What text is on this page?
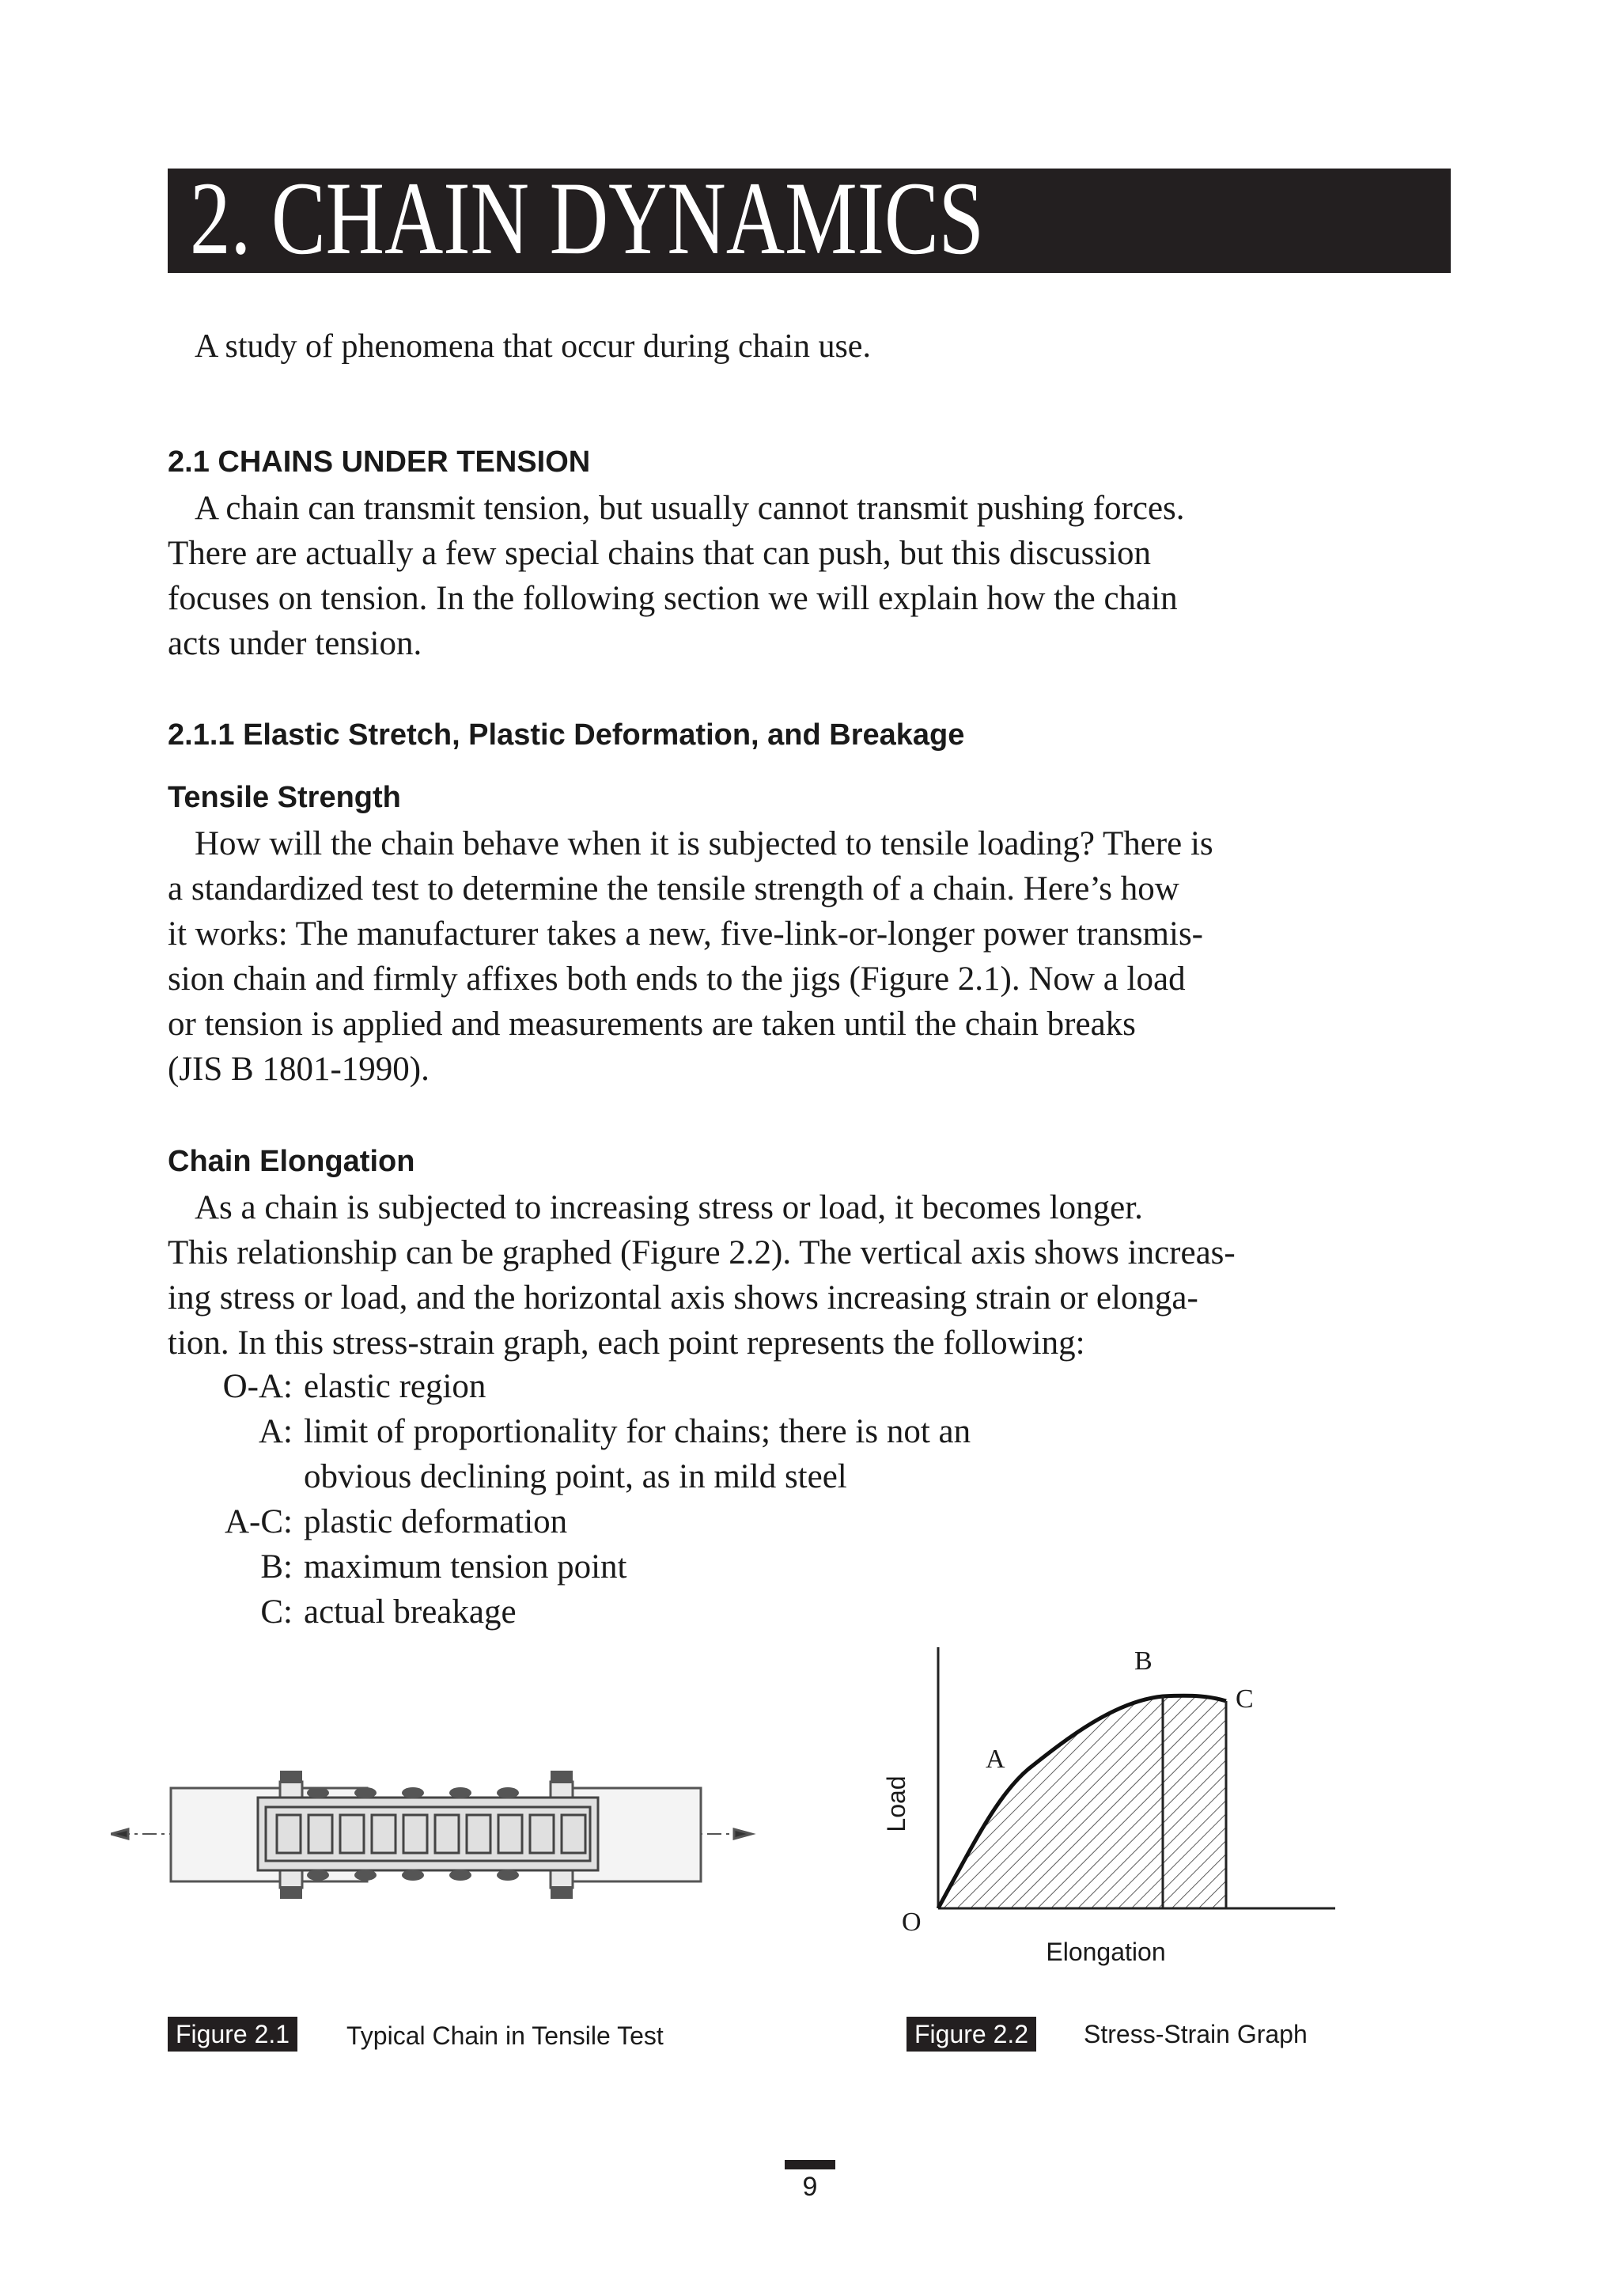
2. CHAIN DYNAMICS
A study of phenomena that occur during chain use.
2.1 CHAINS UNDER TENSION
A chain can transmit tension, but usually cannot transmit pushing forces.
There are actually a few special chains that can push, but this discussion
focuses on tension. In the following section we will explain how the chain
acts under tension.
2.1.1 Elastic Stretch, Plastic Deformation, and Breakage
Tensile Strength
How will the chain behave when it is subjected to tensile loading? There is
a standardized test to determine the tensile strength of a chain. Here’s how
it works: The manufacturer takes a new, five-link-or-longer power transmis-
sion chain and firmly affixes both ends to the jigs (Figure 2.1). Now a load
or tension is applied and measurements are taken until the chain breaks
(JIS B 1801-1990).
Chain Elongation
As a chain is subjected to increasing stress or load, it becomes longer.
This relationship can be graphed (Figure 2.2). The vertical axis shows increas-
ing stress or load, and the horizontal axis shows increasing strain or elonga-
tion. In this stress-strain graph, each point represents the following:
O-A: elastic region
A: limit of proportionality for chains; there is not an
obvious declining point, as in mild steel
A-C: plastic deformation
B: maximum tension point
C: actual breakage
Load
Elongation
O
A
B
C
Figure 2.1	Typical Chain in Tensile Test	Figure 2.2	Stress-Strain Graph
9
